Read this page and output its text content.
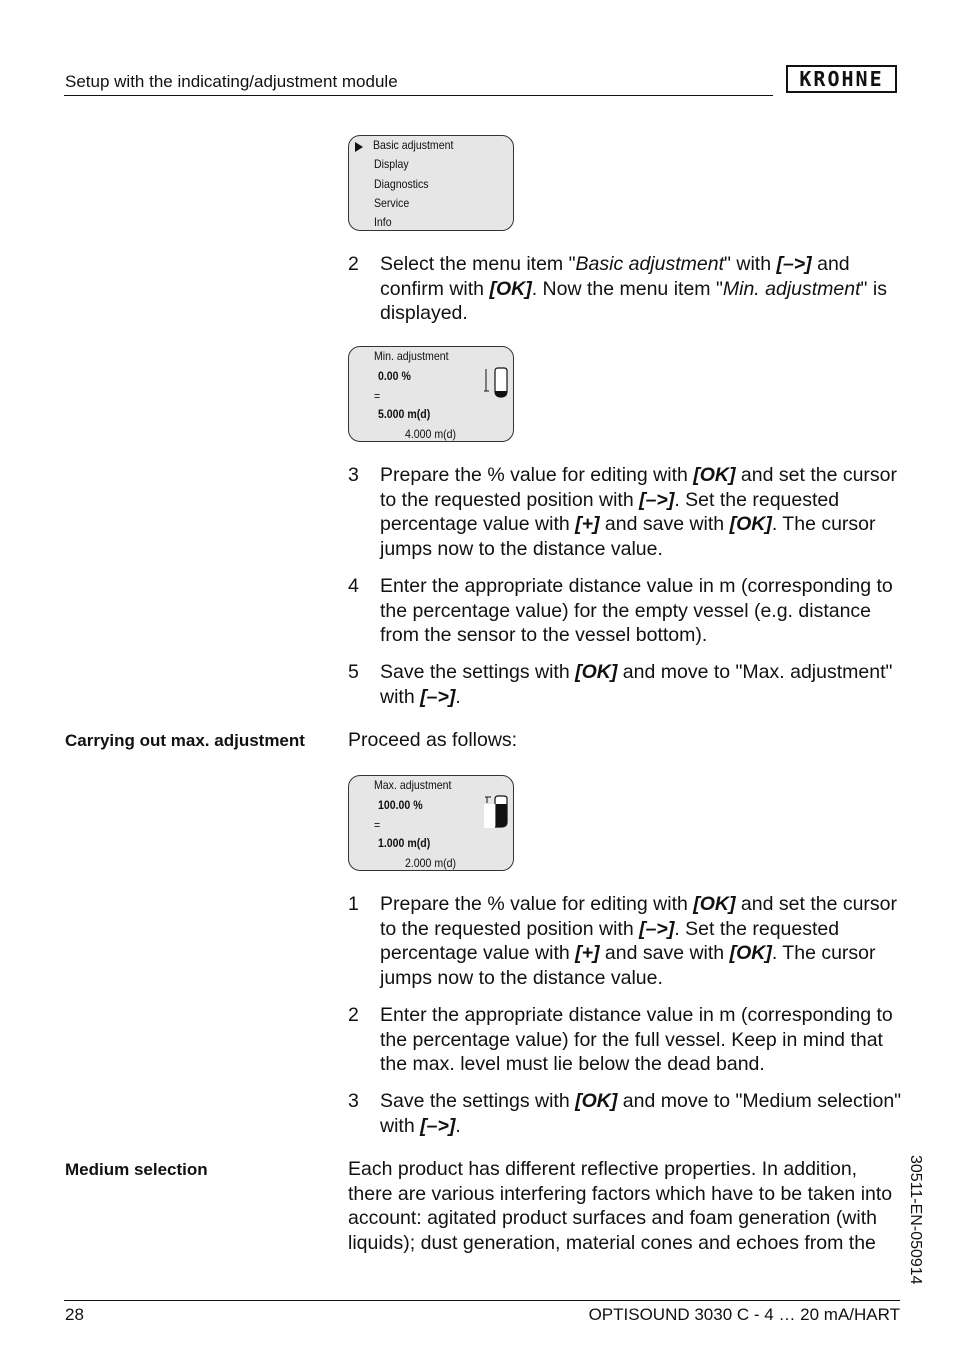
Setup with the indicating/adjustment module	KROHNE
Basic adjustment
Display
Diagnostics
Service
Info
2 Select the menu item "Basic adjustment" with [–>] and confirm with [OK]. Now the menu item "Min. adjustment" is displayed.
Min. adjustment
0.00 %
=
5.000 m(d)
4.000 m(d)
3 Prepare the % value for editing with [OK] and set the cursor to the requested position with [–>]. Set the requested percentage value with [+] and save with [OK]. The cursor jumps now to the distance value.
4 Enter the appropriate distance value in m (corresponding to the percentage value) for the empty vessel (e.g. distance from the sensor to the vessel bottom).
5 Save the settings with [OK] and move to "Max. adjustment" with [–>].
Carrying out max. adjustment Proceed as follows:
Max. adjustment
100.00 %
=
1.000 m(d)
2.000 m(d)
1 Prepare the % value for editing with [OK] and set the cursor to the requested position with [–>]. Set the requested percentage value with [+] and save with [OK]. The cursor jumps now to the distance value.
2 Enter the appropriate distance value in m (corresponding to the percentage value) for the full vessel. Keep in mind that the max. level must lie below the dead band.
3 Save the settings with [OK] and move to "Medium selection" with [–>].
Medium selection	Each product has different reflective properties. In addition, there are various interfering factors which have to be taken into account: agitated product surfaces and foam generation (with liquids); dust generation, material cones and echoes from the	30511-EN-050914
28	OPTISOUND 3030 C - 4 … 20 mA/HART
